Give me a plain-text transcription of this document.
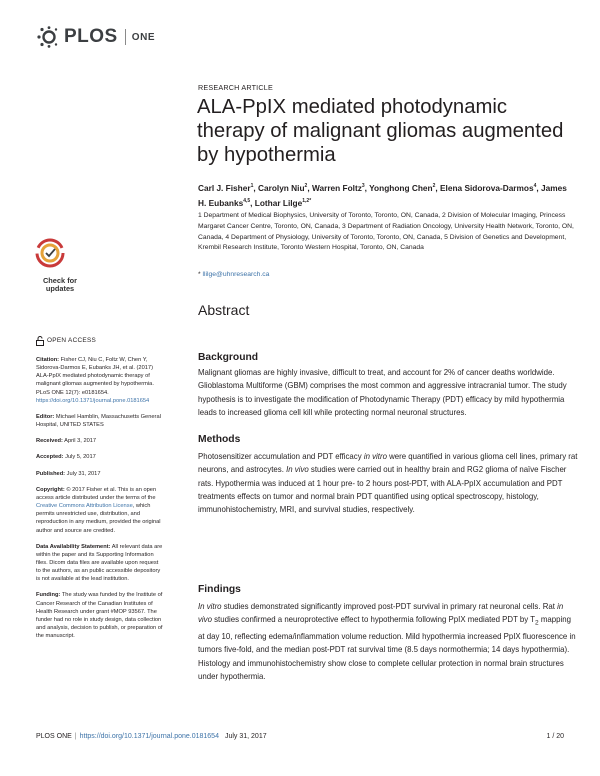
PLOS ONE
RESEARCH ARTICLE
ALA-PpIX mediated photodynamic therapy of malignant gliomas augmented by hypothermia
Carl J. Fisher$^1$, Carolyn Niu$^2$, Warren Foltz$^3$, Yonghong Chen$^2$, Elena Sidorova-Darmos$^4$, James H. Eubanks$^{4,5}$, Lothar Lilge$^{1,2*}$
1 Department of Medical Biophysics, University of Toronto, Toronto, ON, Canada, 2 Division of Molecular Imaging, Princess Margaret Cancer Centre, Toronto, ON, Canada, 3 Department of Radiation Oncology, University Health Network, Toronto, ON, Canada, 4 Department of Physiology, University of Toronto, Toronto, ON, Canada, 5 Division of Genetics and Development, Krembil Research Institute, Toronto Western Hospital, Toronto, ON, Canada
* llilge@uhnresearch.ca
Check for
updates
Abstract
OPEN ACCESS

Citation: Fisher CJ, Niu C, Foltz W, Chen Y, Sidorova-Darmos E, Eubanks JH, et al. (2017) ALA-PpIX mediated photodynamic therapy of malignant gliomas augmented by hypothermia. PLoS ONE 12(7): e0181654. https://doi.org/10.1371/journal.pone.0181654

Editor: Michael Hamblin, Massachusetts General Hospital, UNITED STATES

Received: April 3, 2017

Accepted: July 5, 2017

Published: July 31, 2017

Copyright: © 2017 Fisher et al. This is an open access article distributed under the terms of the Creative Commons Attribution License, which permits unrestricted use, distribution, and reproduction in any medium, provided the original author and source are credited.

Data Availability Statement: All relevant data are within the paper and its Supporting Information files. Dicom data files are available upon request to the authors, as an public accessible depository is not available at the lead institution.

Funding: The study was funded by the Institute of Cancer Research of the Canadian Institutes of Health Research under grant #MOP 93567. The funder had no role in study design, data collection and analysis, decision to publish, or preparation of the manuscript.

Background

Malignant gliomas are highly invasive, difficult to treat, and account for 2% of cancer deaths worldwide. Glioblastoma Multiforme (GBM) comprises the most common and aggressive intracranial tumor. The study hypothesis is to investigate the modification of Photodynamic Therapy (PDT) efficacy by mild hypothermia leads to increased glioma cell kill while protecting normal neuronal structures.

Methods

Photosensitizer accumulation and PDT efficacy in vitro were quantified in various glioma cell lines, primary rat neurons, and astrocytes. In vivo studies were carried out in healthy brain and RG2 glioma of naïve Fischer rats. Hypothermia was induced at 1 hour pre- to 2 hours post-PDT, with ALA-PpIX accumulation and PDT treatments effects on tumor and normal brain PDT quantified using optical spectroscopy, histology, immunohistochemistry, MRI, and survival studies, respectively.

Findings

In vitro studies demonstrated significantly improved post-PDT survival in primary rat neuronal cells. Rat in vivo studies confirmed a neuroprotective effect to hypothermia following PpIX mediated PDT by $T_2$ mapping at day 10, reflecting edema/inflammation volume reduction. Mild hypothermia increased PpIX fluorescence in tumors five-fold, and the median post-PDT rat survival time (8.5 days normothermia; 14 days hypothermia). Histology and immunohistochemistry show close to complete cellular protection in normal brain structures under hypothermia.

PLOS ONE | https://doi.org/10.1371/journal.pone.0181654 July 31, 2017	1 / 20
